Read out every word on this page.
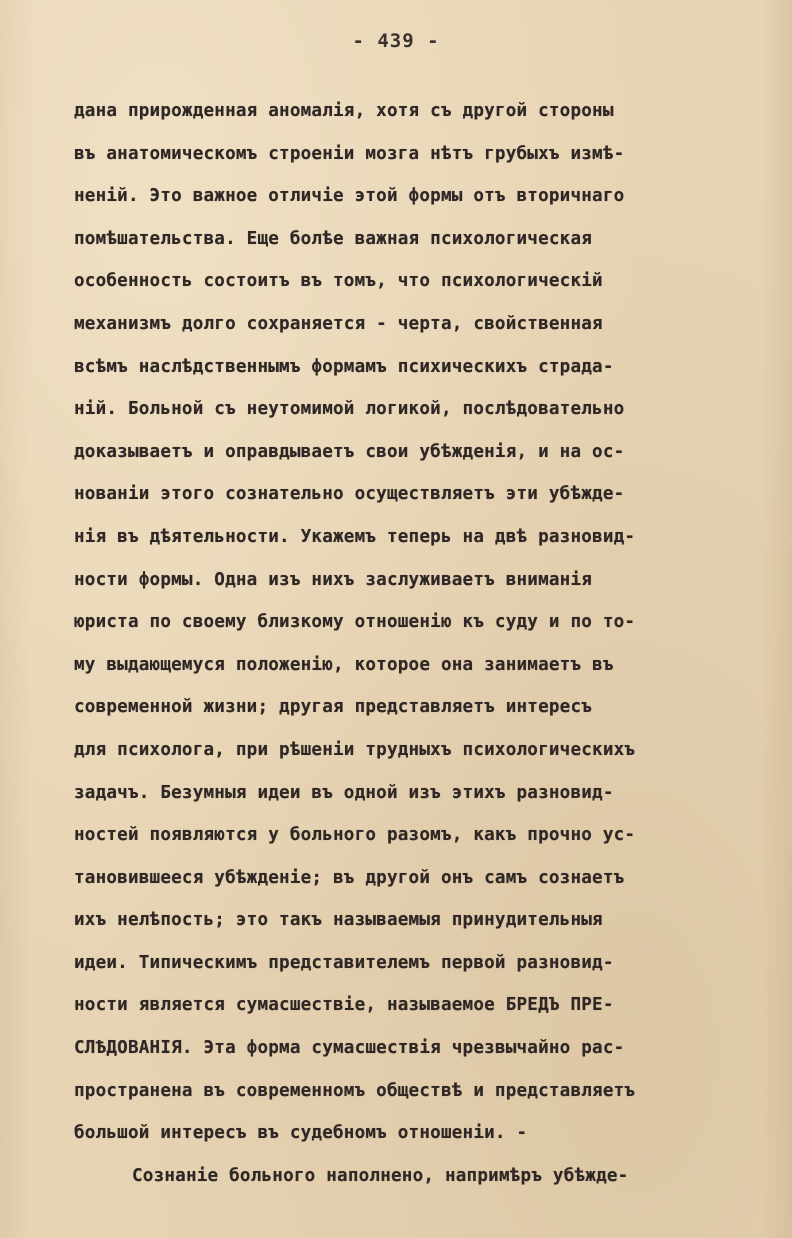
- 439 -
дана прирожденная аномалія, хотя съ другой стороны
въ анатомическомъ строеніи мозга нѣтъ грубыхъ измѣ-
неній. Это важное отличіе этой формы отъ вторичнаго
помѣшательства. Еще болѣе важная психологическая
особенность состоитъ въ томъ, что психологическій
механизмъ долго сохраняется - черта, свойственная
всѣмъ наслѣдственнымъ формамъ психическихъ страда-
ній. Больной съ неутомимой логикой, послѣдовательно
доказываетъ и оправдываетъ свои убѣжденія, и на ос-
нованіи этого сознательно осуществляетъ эти убѣжде-
нія въ дѣятельности. Укажемъ теперь на двѣ разновид-
ности формы. Одна изъ нихъ заслуживаетъ вниманія
юриста по своему близкому отношенію къ суду и по то-
му выдающемуся положенію, которое она занимаетъ въ
современной жизни; другая представляетъ интересъ
для психолога, при рѣшеніи трудныхъ психологическихъ
задачъ. Безумныя идеи въ одной изъ этихъ разновид-
ностей появляются у больного разомъ, какъ прочно ус-
тановившееся убѣжденіе; въ другой онъ самъ сознаетъ
ихъ нелѣпость; это такъ называемыя принудительныя
идеи. Типическимъ представителемъ первой разновид-
ности является сумасшествіе, называемое БРЕДЪ ПРЕ-
СЛѢДОВАНІЯ. Эта форма сумасшествія чрезвычайно рас-
пространена въ современномъ обществѣ и представляетъ
большой интересъ въ судебномъ отношеніи. -
Сознаніе больного наполнено, напримѣръ убѣжде-
